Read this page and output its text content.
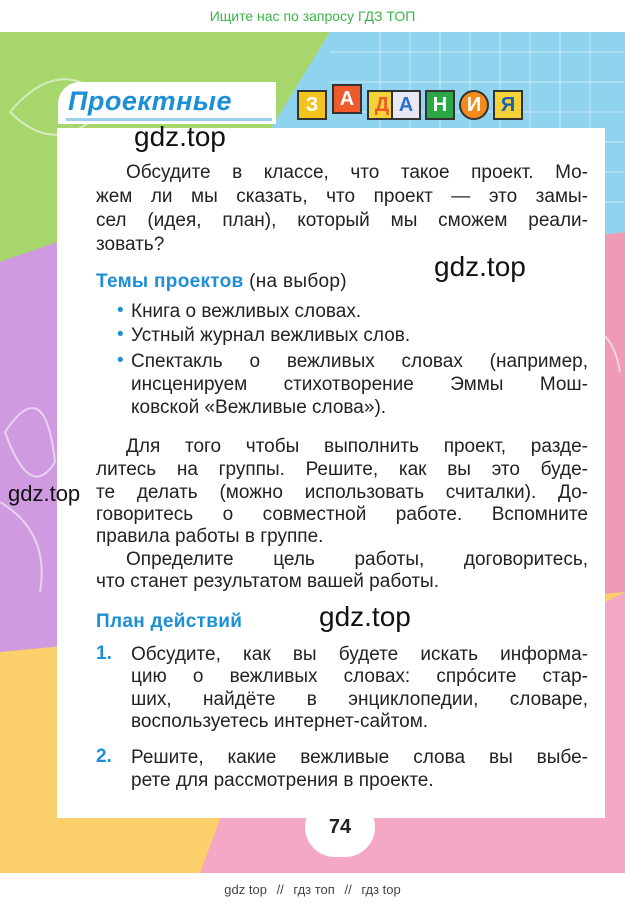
Ищите нас по запросу ГДЗ ТОП
Проектные	З	А	Д А Н И Я
gdz.top
gdz.top
gdz.top
gdz.top
Обсудите в классе, что такое проект. Мо-
жем ли мы сказать, что проект — это замы-
сел (идея, план), который мы сможем реали-
зовать?
Темы проектов (на выбор)
• Книга о вежливых словах.
• Устный журнал вежливых слов.
• Спектакль о вежливых словах (например,
инсценируем стихотворение Эммы Мош-
ковской «Вежливые слова»).
Для того чтобы выполнить проект, разде-
литесь на группы. Решите, как вы это буде-
те делать (можно использовать считалки). До-
говоритесь о совместной работе. Вспомните
правила работы в группе.
Определите цель работы, договоритесь,
что станет результатом вашей работы.
План действий
1. Обсудите, как вы будете искать информа-
цию о вежливых словах: спрóсите стар-
ших, найдёте в энциклопедии, словаре,
воспользуетесь интернет-сайтом.
2. Решите, какие вежливые слова вы выбе-
рете для рассмотрения в проекте.
74
gdz top // гдз топ // гдз top
